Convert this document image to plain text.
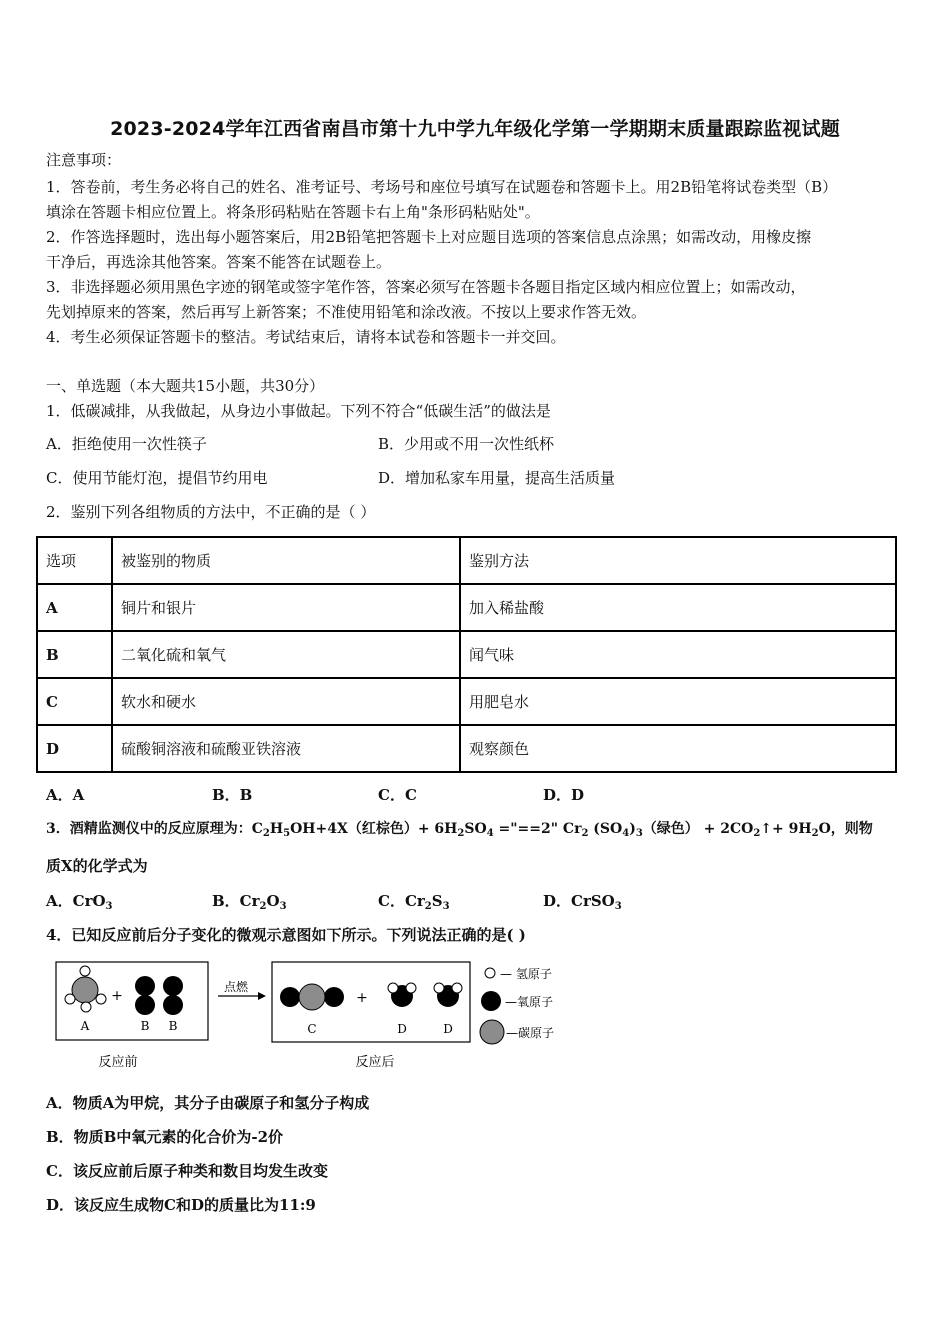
2023-2024学年江西省南昌市第十九中学九年级化学第一学期期末质量跟踪监视试题
注意事项：
1．答卷前，考生务必将自己的姓名、准考证号、考场号和座位号填写在试题卷和答题卡上。用2B铅笔将试卷类型（B）
填涂在答题卡相应位置上。将条形码粘贴在答题卡右上角"条形码粘贴处"。
2．作答选择题时，选出每小题答案后，用2B铅笔把答题卡上对应题目选项的答案信息点涂黑；如需改动，用橡皮擦
干净后，再选涂其他答案。答案不能答在试题卷上。
3．非选择题必须用黑色字迹的钢笔或签字笔作答，答案必须写在答题卡各题目指定区域内相应位置上；如需改动，
先划掉原来的答案，然后再写上新答案；不准使用铅笔和涂改液。不按以上要求作答无效。
4．考生必须保证答题卡的整洁。考试结束后，请将本试卷和答题卡一并交回。
一、单选题（本大题共15小题，共30分）
1．低碳减排，从我做起，从身边小事做起。下列不符合“低碳生活”的做法是
A．拒绝使用一次性筷子	B．少用或不用一次性纸杯
C．使用节能灯泡，提倡节约用电	D．增加私家车用量，提高生活质量
2．鉴别下列各组物质的方法中，不正确的是（ ）
选项	被鉴别的物质	鉴别方法
A	铜片和银片	加入稀盐酸
B	二氧化硫和氧气	闻气味
C	软水和硬水	用肥皂水
D	硫酸铜溶液和硫酸亚铁溶液	观察颜色
A．A	B．B	C．C	D．D
3．酒精监测仪中的反应原理为：$C_2H_5OH+4X$（红棕色）+ $6H_2SO_4$ ="==2" $Cr_2$ $(SO_4)_3$（绿色） + $2CO_2↑+ 9H_2O$，则物
质X的化学式为
A．CrO$_3$	B．$Cr_2O_3$	C．$Cr_2S_3$	D．CrSO$_3$
4．已知反应前后分子变化的微观示意图如下所示。下列说法正确的是( )
A
+
B B
点燃
C
+
D	D
反应前	反应后
— 氢原子
—氧原子
—碳原子
A．物质A为甲烷，其分子由碳原子和氢分子构成
B．物质B中氧元素的化合价为-2价
C．该反应前后原子种类和数目均发生改变
D．该反应生成物C和D的质量比为11:9
